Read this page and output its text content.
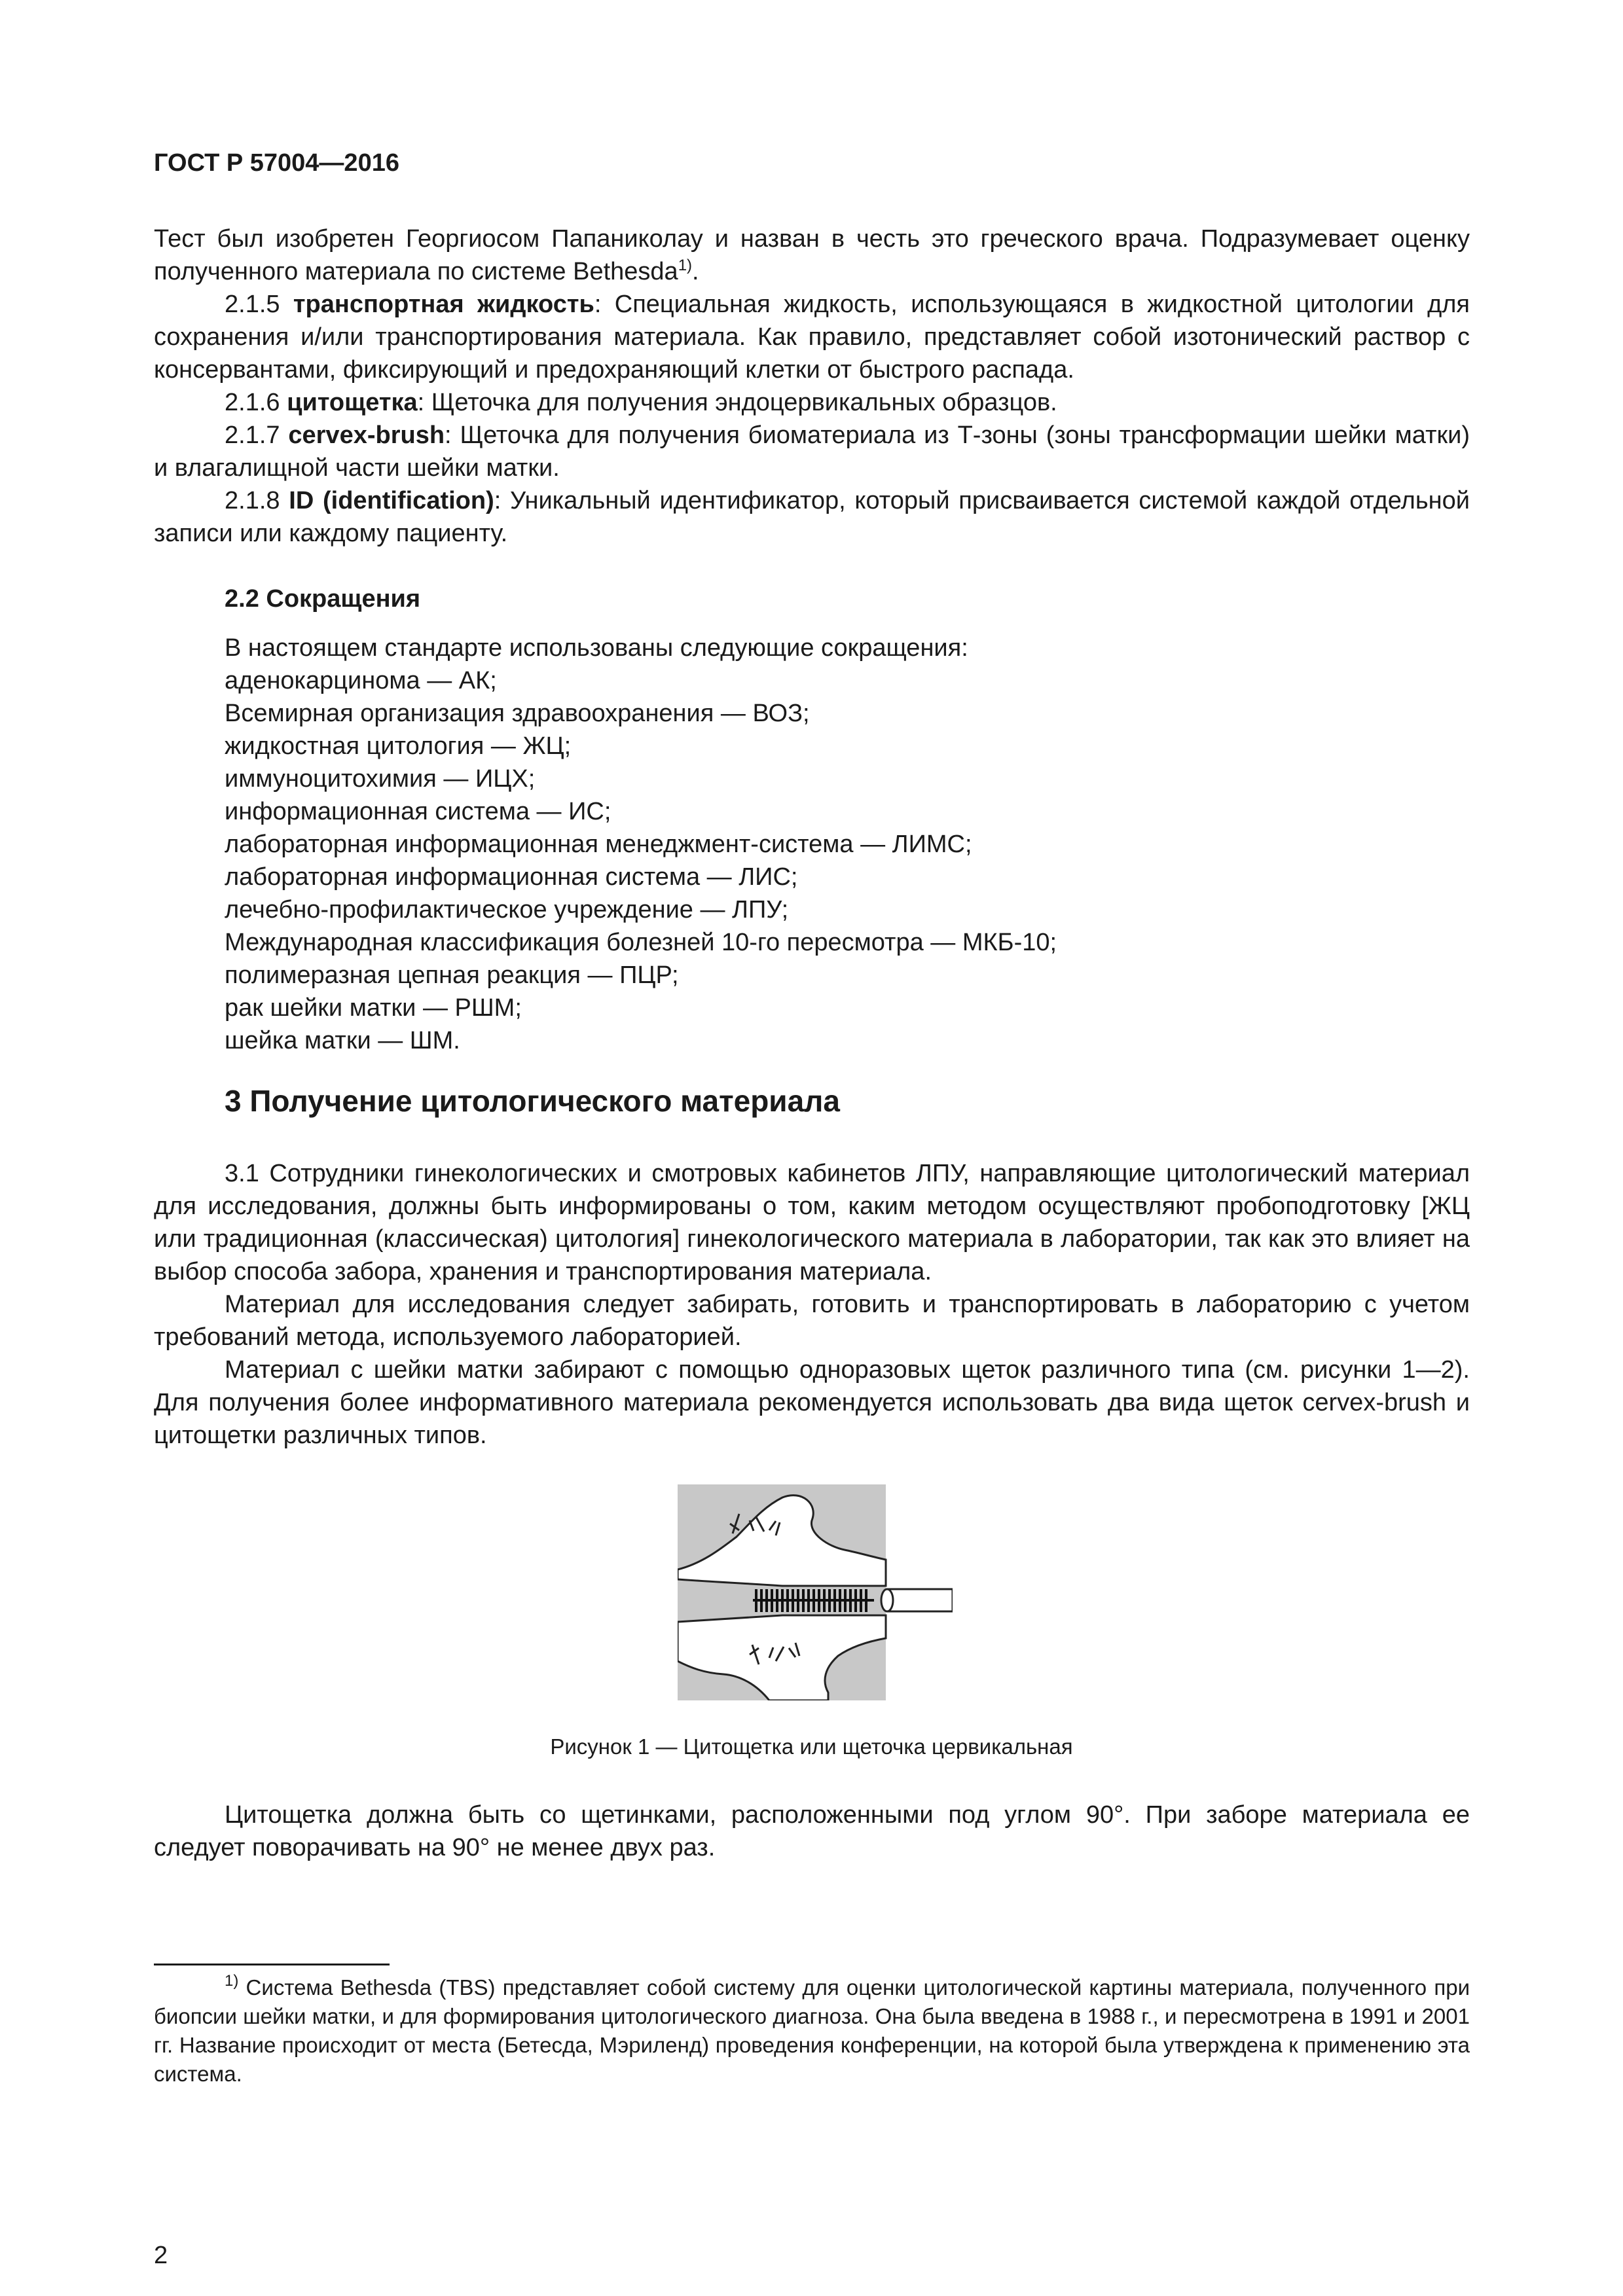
ГОСТ Р 57004—2016

Тест был изобретен Георгиосом Папаниколау и назван в честь это греческого врача. Подразумевает оценку полученного материала по системе Bethesda$^{1)}$.

2.1.5 транспортная жидкость: Специальная жидкость, использующаяся в жидкостной цитологии для сохранения и/или транспортирования материала. Как правило, представляет собой изотонический раствор с консервантами, фиксирующий и предохраняющий клетки от быстрого распада.

2.1.6 цитощетка: Щеточка для получения эндоцервикальных образцов.

2.1.7 cervex-brush: Щеточка для получения биоматериала из Т-зоны (зоны трансформации шейки матки) и влагалищной части шейки матки.

2.1.8 ID (identification): Уникальный идентификатор, который присваивается системой каждой отдельной записи или каждому пациенту.

2.2 Сокращения
В настоящем стандарте использованы следующие сокращения:
аденокарцинома — АК;
Всемирная организация здравоохранения — ВОЗ;
жидкостная цитология — ЖЦ;
иммуноцитохимия — ИЦХ;
информационная система — ИС;
лабораторная информационная менеджмент-система — ЛИМС;
лабораторная информационная система — ЛИС;
лечебно-профилактическое учреждение — ЛПУ;
Международная классификация болезней 10-го пересмотра — МКБ-10;
полимеразная цепная реакция — ПЦР;
рак шейки матки — РШМ;
шейка матки — ШМ.
3 Получение цитологического материала

3.1 Сотрудники гинекологических и смотровых кабинетов ЛПУ, направляющие цитологический материал для исследования, должны быть информированы о том, каким методом осуществляют пробоподготовку [ЖЦ или традиционная (классическая) цитология] гинекологического материала в лаборатории, так как это влияет на выбор способа забора, хранения и транспортирования материала.

Материал для исследования следует забирать, готовить и транспортировать в лабораторию с учетом требований метода, используемого лабораторией.

Материал с шейки матки забирают с помощью одноразовых щеток различного типа (см. рисунки 1—2). Для получения более информативного материала рекомендуется использовать два вида щеток cervex-brush и цитощетки различных типов.

Рисунок 1 — Цитощетка или щеточка цервикальная

Цитощетка должна быть со щетинками, расположенными под углом 90°. При заборе материала ее следует поворачивать на 90° не менее двух раз.

$^{1)}$ Система Bethesda (TBS) представляет собой систему для оценки цитологической картины материала, полученного при биопсии шейки матки, и для формирования цитологического диагноза. Она была введена в 1988 г., и пересмотрена в 1991 и 2001 гг. Название происходит от места (Бетесда, Мэриленд) проведения конференции, на которой была утверждена к применению эта система.

2
